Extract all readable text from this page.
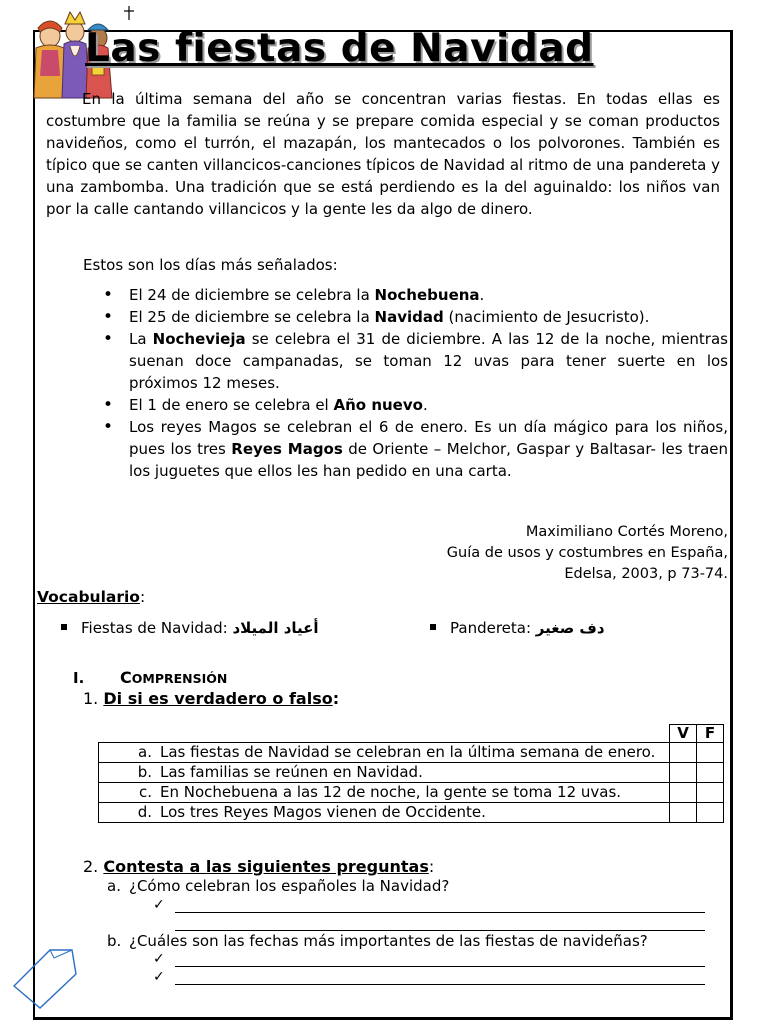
Las fiestas de Navidad

En la última semana del año se concentran varias fiestas. En todas ellas es costumbre que la familia se reúna y se prepare comida especial y se coman productos navideños, como el turrón, el mazapán, los mantecados o los polvorones. También es típico que se canten villancicos-canciones típicos de Navidad al ritmo de una pandereta y una zambomba. Una tradición que se está perdiendo es la del aguinaldo: los niños van por la calle cantando villancicos y la gente les da algo de dinero.

Estos son los días más señalados:

• El 24 de diciembre se celebra la Nochebuena.
• El 25 de diciembre se celebra la Navidad (nacimiento de Jesucristo).
• La Nochevieja se celebra el 31 de diciembre. A las 12 de la noche, mientras suenan doce campanadas, se toman 12 uvas para tener suerte en los próximos 12 meses.
• El 1 de enero se celebra el Año nuevo.
• Los reyes Magos se celebran el 6 de enero. Es un día mágico para los niños, pues los tres Reyes Magos de Oriente – Melchor, Gaspar y Baltasar- les traen los juguetes que ellos les han pedido en una carta.
Maximiliano Cortés Moreno,
Guía de usos y costumbres en España,
Edelsa, 2003, p 73-74.

Vocabulario:

Fiestas de Navidad: أعياد الميلاد	Pandereta: دف صغير

I. COMPRENSIÓN

1. Di si es verdadero o falso:

	V	F

a. Las fiestas de Navidad se celebran en la última semana de enero.		

b. Las familias se reúnen en Navidad.		

c. En Nochebuena a las 12 de noche, la gente se toma 12 uvas.		

d. Los tres Reyes Magos vienen de Occidente.		

2. Contesta a las siguientes preguntas:

a. ¿Cómo celebran los españoles la Navidad?

✓

b. ¿Cuáles son las fechas más importantes de las fiestas de navideñas?

✓
✓
